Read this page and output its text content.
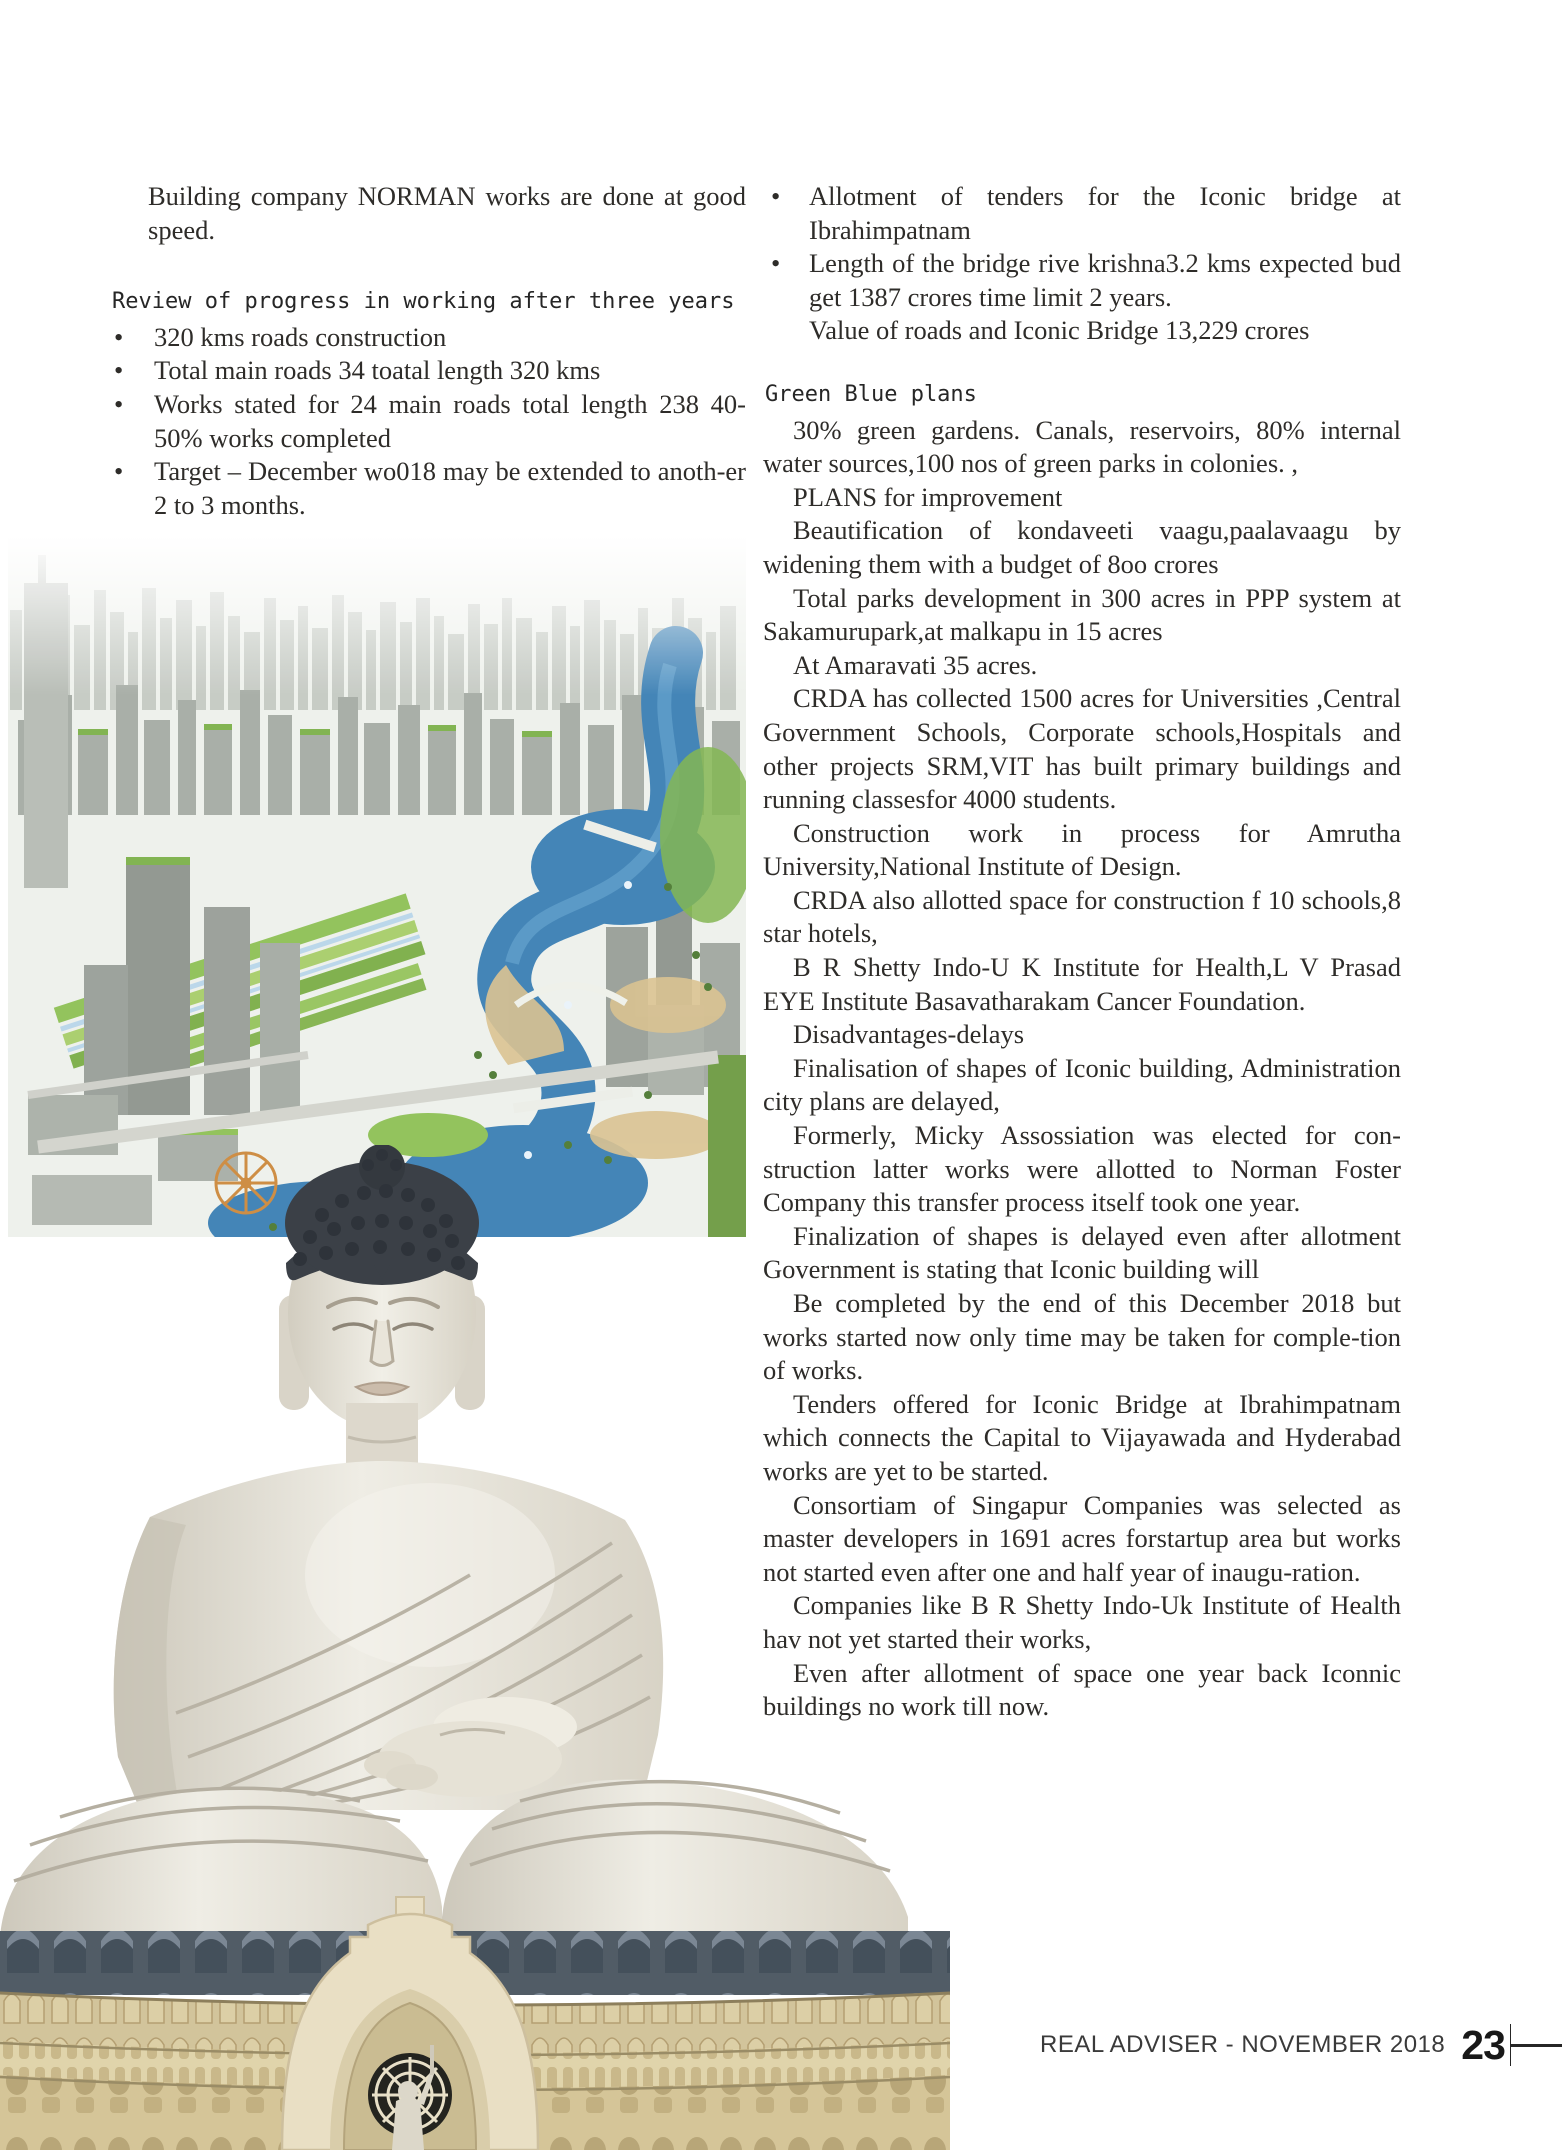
Building company NORMAN works are done at good speed.

Review of progress in working after three years
• 320 kms roads construction
• Total main roads 34 toatal length 320 kms
• Works stated for 24 main roads total length 238 40-50% works completed
• Target – December wo018 may be extended to anoth-er 2 to 3 months.
• Allotment of tenders for the Iconic bridge at Ibrahimpatnam
• Length of the bridge rive krishna3.2 kms expected bud get 1387 crores time limit 2 years.

Value of roads and Iconic Bridge 13,229 crores

Green Blue plans

30% green gardens. Canals, reservoirs, 80% internal water sources,100 nos of green parks in colonies. ,

PLANS for improvement

Beautification of kondaveeti vaagu,paalavaagu by widening them with a budget of 8oo crores

Total parks development in 300 acres in PPP system at Sakamurupark,at malkapu in 15 acres

At Amaravati 35 acres.

CRDA has collected 1500 acres for Universities ,Central Government Schools, Corporate schools,Hospitals and other projects SRM,VIT has built primary buildings and running classesfor 4000 students.

Construction work in process for Amrutha University,National Institute of Design.

CRDA also allotted space for construction f 10 schools,8 star hotels,

B R Shetty Indo-U K Institute for Health,L V Prasad EYE Institute Basavatharakam Cancer Foundation.

Disadvantages-delays

Finalisation of shapes of Iconic building, Administration city plans are delayed,

Formerly, Micky Assossiation was elected for con-struction latter works were allotted to Norman Foster Company this transfer process itself took one year.

Finalization of shapes is delayed even after allotment Government is stating that Iconic building will

Be completed by the end of this December 2018 but works started now only time may be taken for comple-tion of works.

Tenders offered for Iconic Bridge at Ibrahimpatnam which connects the Capital to Vijayawada and Hyderabad works are yet to be started.

Consortiam of Singapur Companies was selected as master developers in 1691 acres forstartup area but works not started even after one and half year of inaugu-ration.

Companies like B R Shetty Indo-Uk Institute of Health hav not yet started their works,

Even after allotment of space one year back Iconnic buildings no work till now.

REAL ADVISER - NOVEMBER 2018 23
